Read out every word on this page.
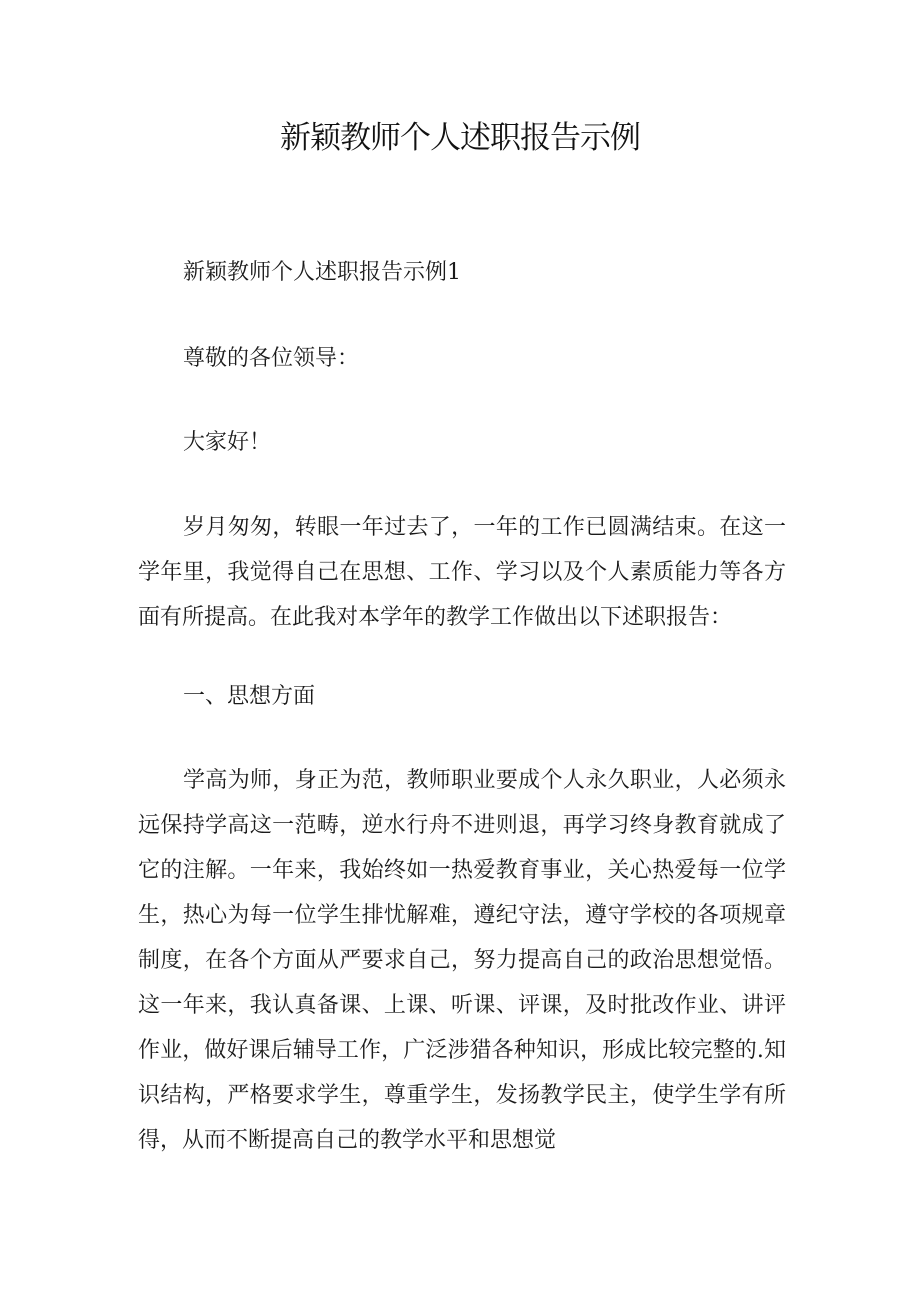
新颖教师个人述职报告示例

新颖教师个人述职报告示例1

尊敬的各位领导：

大家好！

岁月匆匆，转眼一年过去了，一年的工作已圆满结束。在这一学年里，我觉得自己在思想、工作、学习以及个人素质能力等各方面有所提高。在此我对本学年的教学工作做出以下述职报告：

一、思想方面

学高为师，身正为范，教师职业要成个人永久职业，人必须永远保持学高这一范畴，逆水行舟不进则退，再学习终身教育就成了它的注解。一年来，我始终如一热爱教育事业，关心热爱每一位学生，热心为每一位学生排忧解难，遵纪守法，遵守学校的各项规章制度，在各个方面从严要求自己，努力提高自己的政治思想觉悟。这一年来，我认真备课、上课、听课、评课，及时批改作业、讲评作业，做好课后辅导工作，广泛涉猎各种知识，形成比较完整的.知识结构，严格要求学生，尊重学生，发扬教学民主，使学生学有所得，从而不断提高自己的教学水平和思想觉
